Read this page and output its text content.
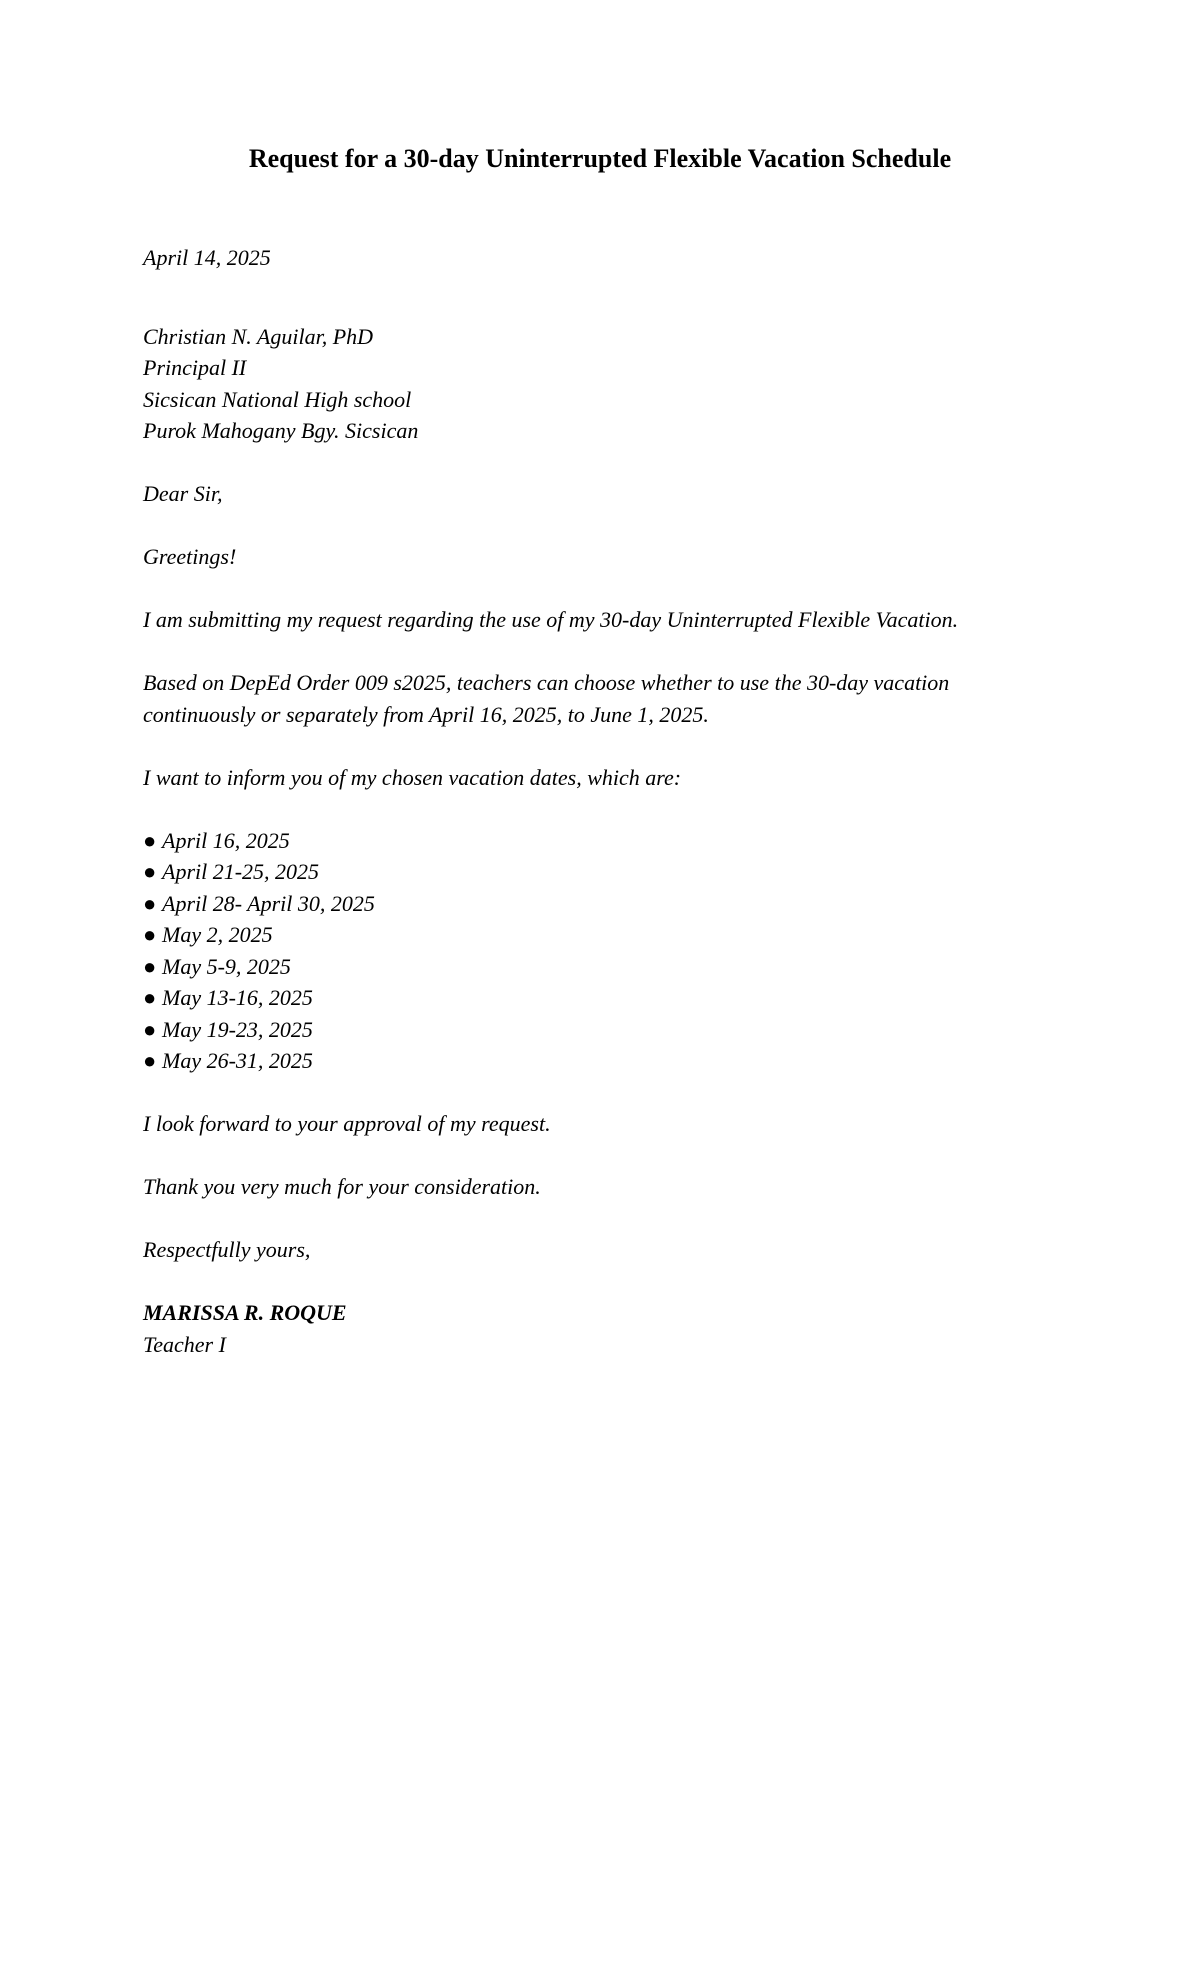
Request for a 30-day Uninterrupted Flexible Vacation Schedule

April 14, 2025

Christian N. Aguilar, PhD

Principal II

Sicsican National High school

Purok Mahogany Bgy. Sicsican

Dear Sir,

Greetings!

I am submitting my request regarding the use of my 30-day Uninterrupted Flexible Vacation.

Based on DepEd Order 009 s2025, teachers can choose whether to use the 30-day vacation continuously or separately from April 16, 2025, to June 1, 2025.

I want to inform you of my chosen vacation dates, which are:

● April 16, 2025
● April 21-25, 2025
● April 28- April 30, 2025
● May 2, 2025
● May 5-9, 2025
● May 13-16, 2025
● May 19-23, 2025
● May 26-31, 2025

I look forward to your approval of my request.

Thank you very much for your consideration.

Respectfully yours,

MARISSA R. ROQUE

Teacher I
